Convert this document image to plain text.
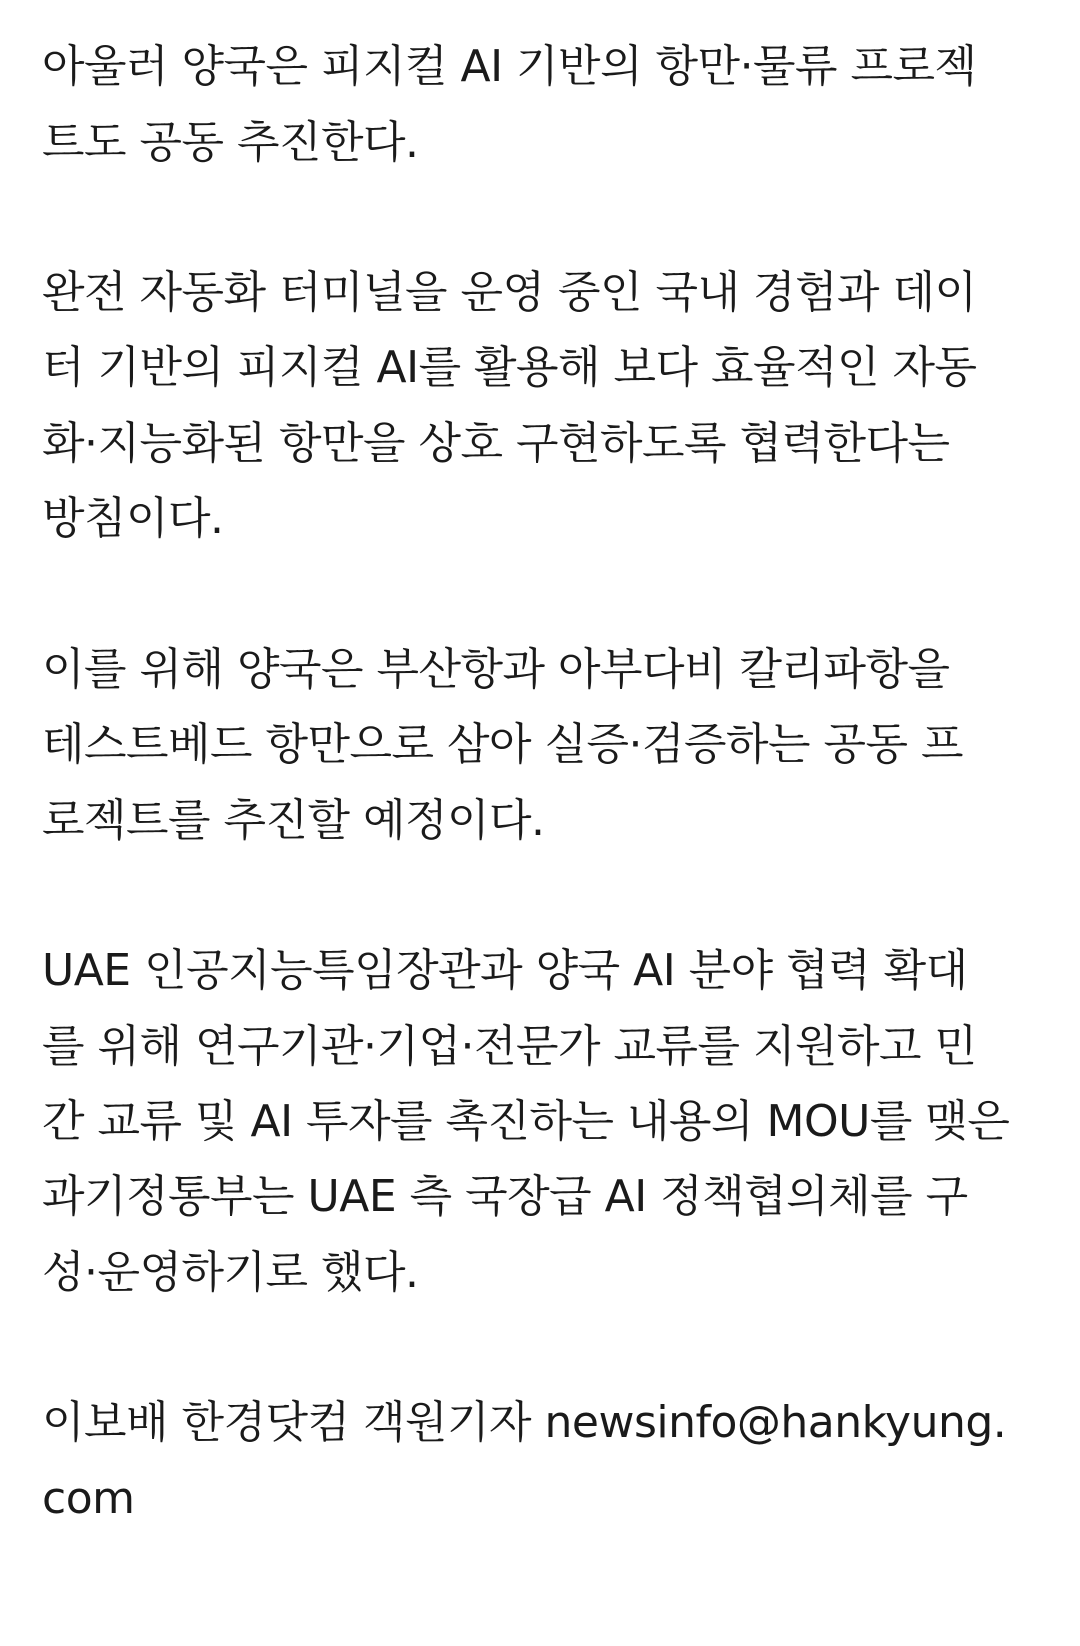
아울러 양국은 피지컬 AI 기반의 항만·물류 프로젝

트도 공동 추진한다.

완전 자동화 터미널을 운영 중인 국내 경험과 데이

터 기반의 피지컬 AI를 활용해 보다 효율적인 자동

화·지능화된 항만을 상호 구현하도록 협력한다는

방침이다.

이를 위해 양국은 부산항과 아부다비 칼리파항을

테스트베드 항만으로 삼아 실증·검증하는 공동 프

로젝트를 추진할 예정이다.

UAE 인공지능특임장관과 양국 AI 분야 협력 확대

를 위해 연구기관·기업·전문가 교류를 지원하고 민

간 교류 및 AI 투자를 촉진하는 내용의 MOU를 맺은

과기정통부는 UAE 측 국장급 AI 정책협의체를 구

성·운영하기로 했다.

이보배 한경닷컴 객원기자 newsinfo@hankyung.

com
